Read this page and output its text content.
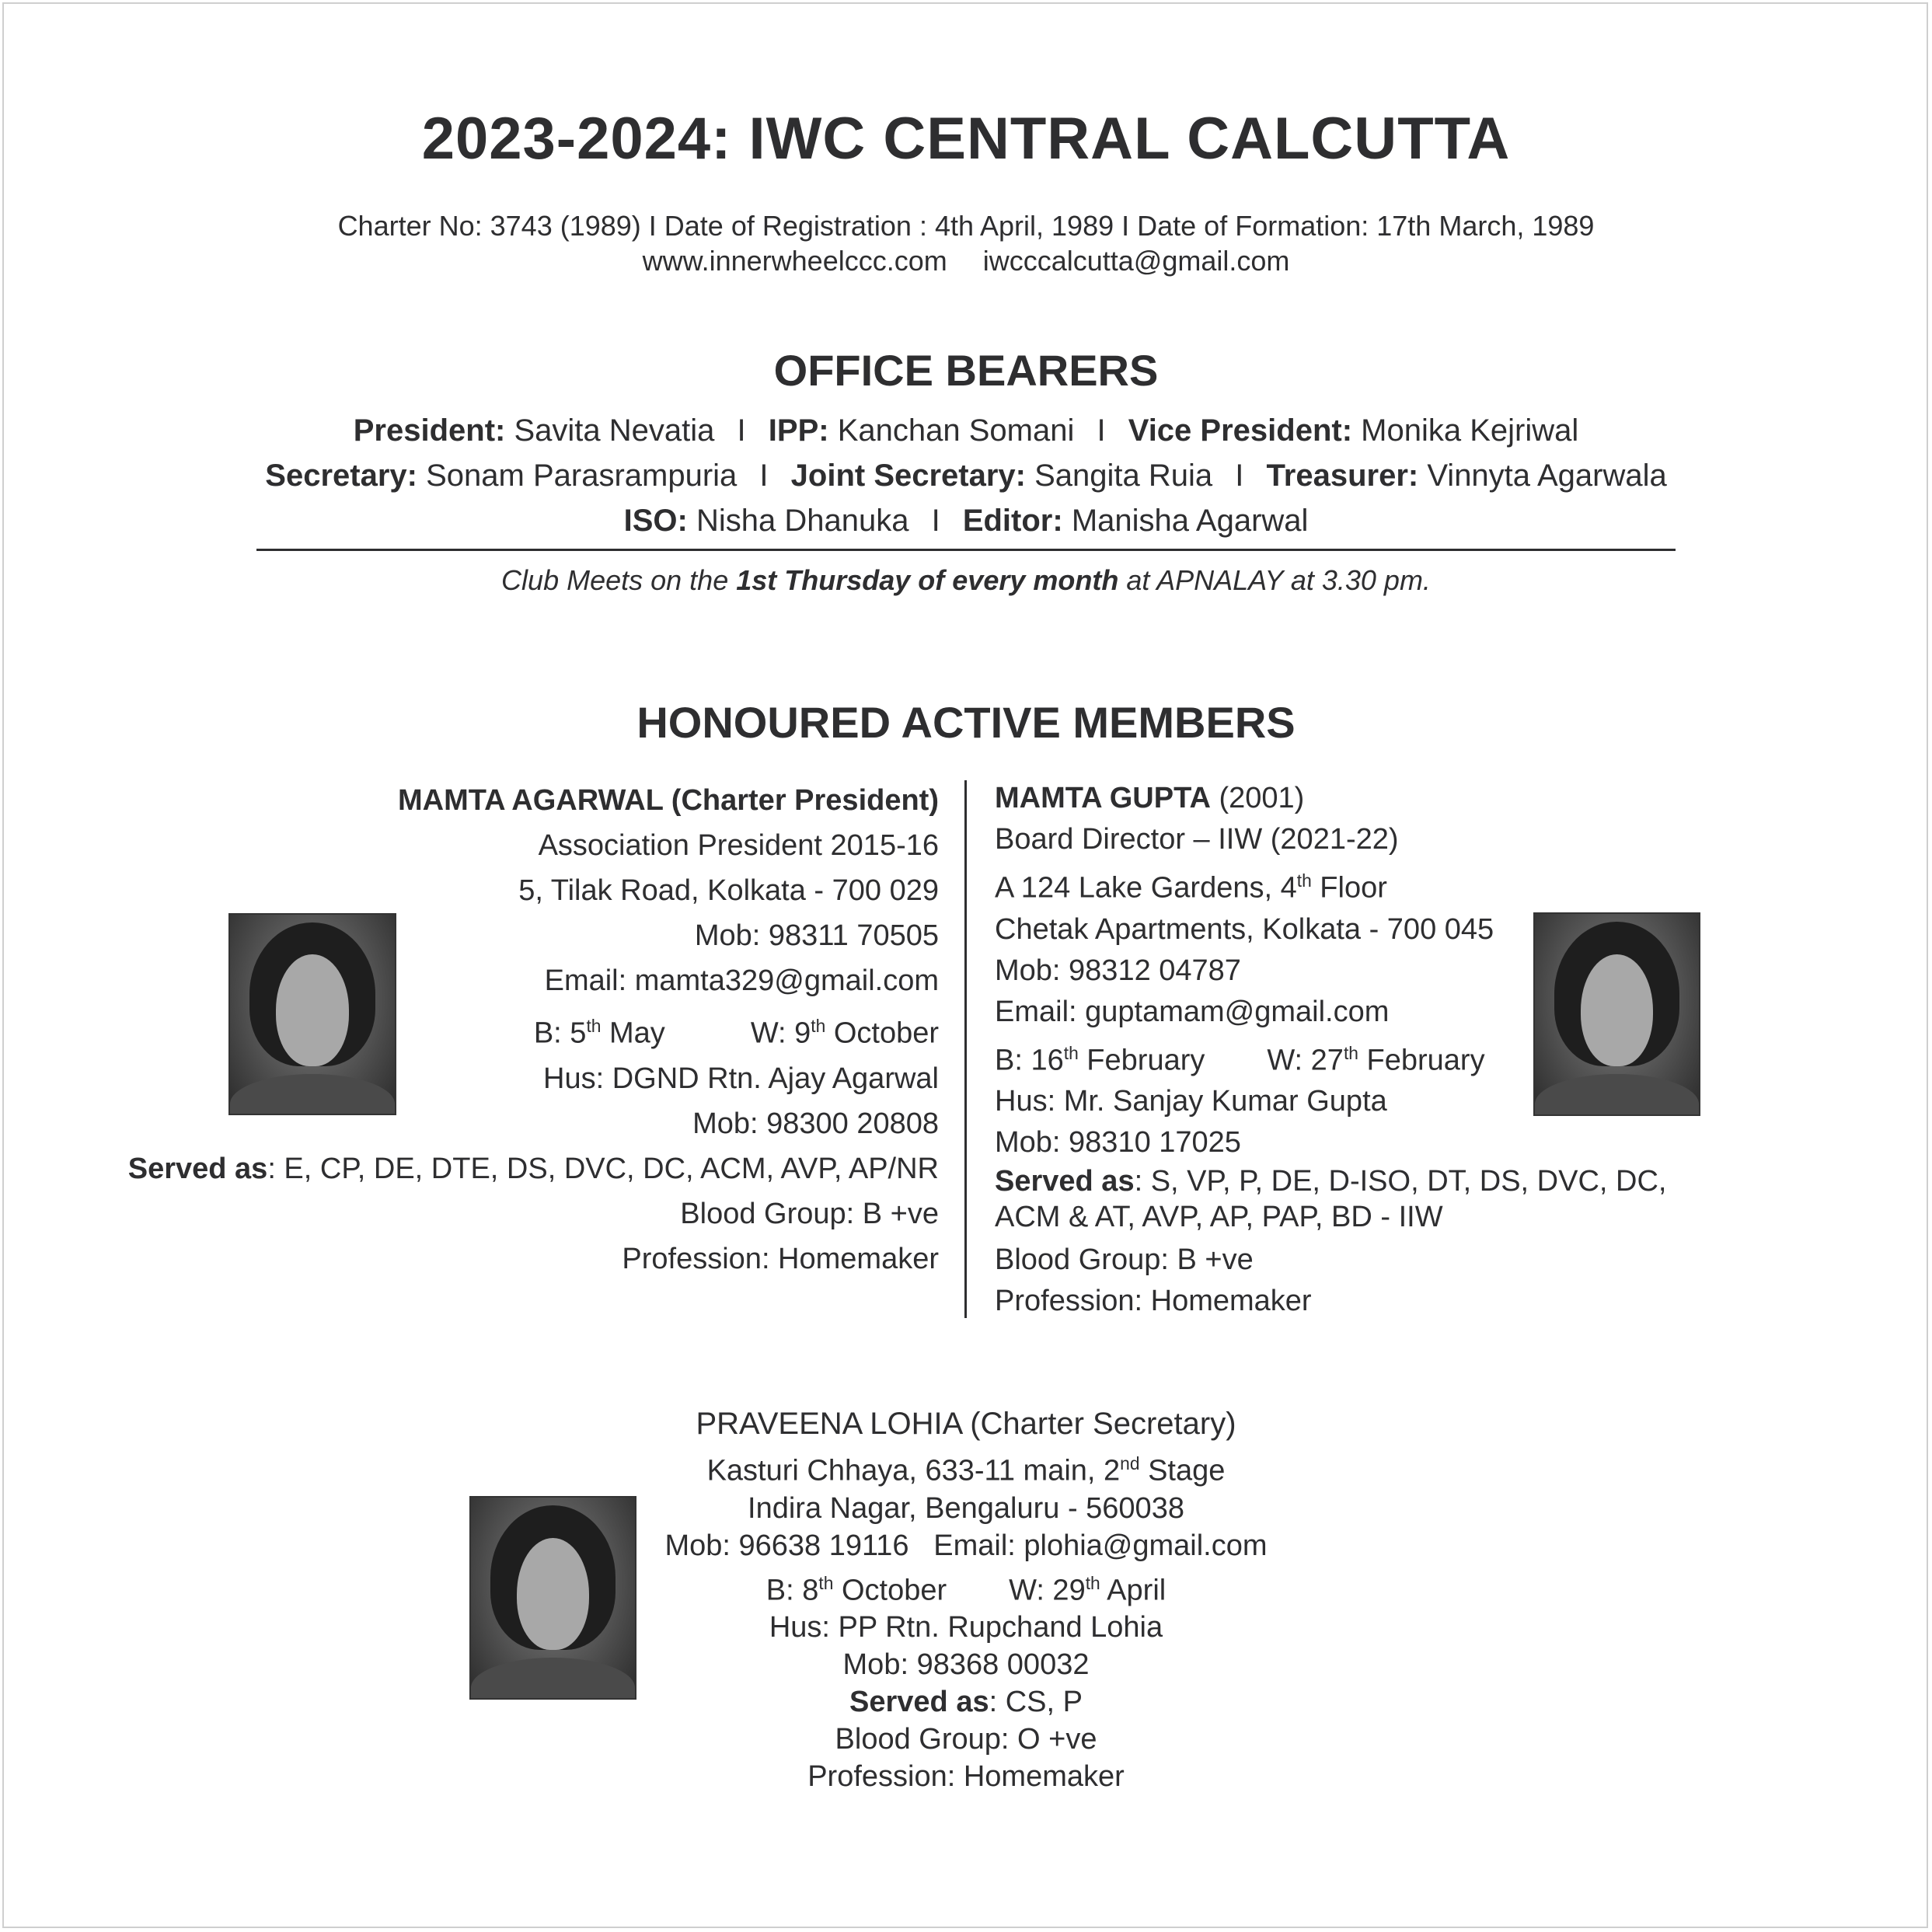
2023-2024: IWC CENTRAL CALCUTTA
Charter No: 3743 (1989) I Date of Registration : 4th April, 1989 I Date of Formation: 17th March, 1989
www.innerwheelccc.com iwcccalcutta@gmail.com
OFFICE BEARERS
President: Savita Nevatia I IPP: Kanchan Somani I Vice President: Monika Kejriwal
Secretary: Sonam Parasrampuria I Joint Secretary: Sangita Ruia I Treasurer: Vinnyta Agarwala
ISO: Nisha Dhanuka I Editor: Manisha Agarwal
Club Meets on the 1st Thursday of every month at APNALAY at 3.30 pm.
HONOURED ACTIVE MEMBERS
MAMTA AGARWAL (Charter President)
Association President 2015-16
5, Tilak Road, Kolkata - 700 029
Mob: 98311 70505
Email: mamta329@gmail.com
B: 5th May	W: 9th October
Hus: DGND Rtn. Ajay Agarwal
Mob: 98300 20808
Served as: E, CP, DE, DTE, DS, DVC, DC, ACM, AVP, AP/NR
Blood Group: B +ve
Profession: Homemaker
MAMTA GUPTA (2001)
Board Director – IIW (2021-22)
A 124 Lake Gardens, 4th Floor
Chetak Apartments, Kolkata - 700 045
Mob: 98312 04787
Email: guptamam@gmail.com
B: 16th February W: 27th February
Hus: Mr. Sanjay Kumar Gupta
Mob: 98310 17025
Served as: S, VP, P, DE, D-ISO, DT, DS, DVC, DC, ACM & AT, AVP, AP, PAP, BD - IIW
Blood Group: B +ve
Profession: Homemaker
PRAVEENA LOHIA (Charter Secretary)
Kasturi Chhaya, 633-11 main, 2nd Stage
Indira Nagar, Bengaluru - 560038
Mob: 96638 19116   Email: plohia@gmail.com
B: 8th October W: 29th April
Hus: PP Rtn. Rupchand Lohia
Mob: 98368 00032
Served as: CS, P
Blood Group: O +ve
Profession: Homemaker
